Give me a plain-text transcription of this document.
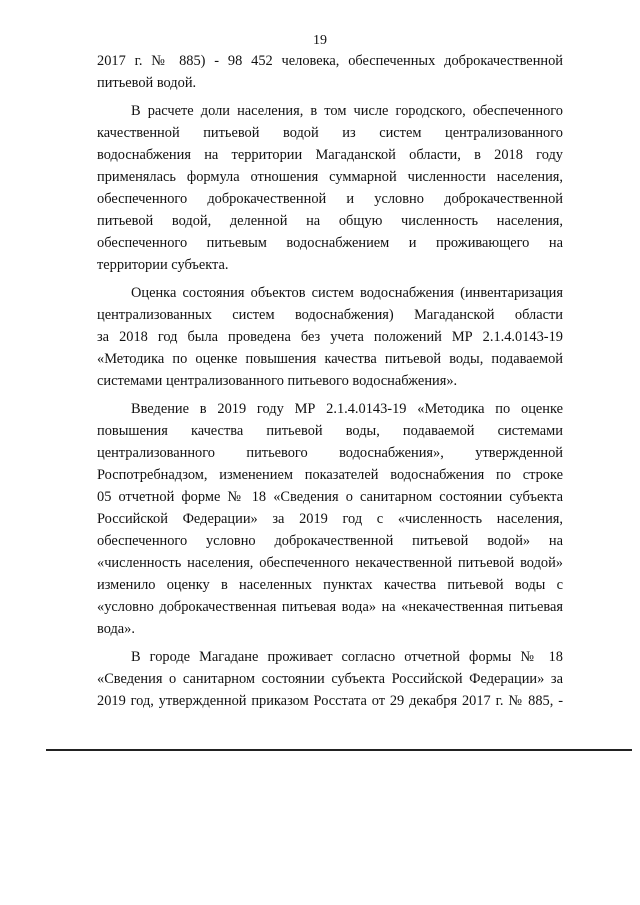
19

2017 г. № 885) - 98 452 человека, обеспеченных доброкачественной
питьевой водой.

В расчете доли населения, в том числе городского, обеспеченного
качественной питьевой водой из систем централизованного
водоснабжения на территории Магаданской области, в 2018 году
применялась формула отношения суммарной численности населения,
обеспеченного доброкачественной и условно доброкачественной
питьевой водой, деленной на общую численность населения,
обеспеченного питьевым водоснабжением и проживающего на
территории субъекта.

Оценка состояния объектов систем водоснабжения (инвентаризация
централизованных систем водоснабжения) Магаданской области
за 2018 год была проведена без учета положений МР 2.1.4.0143-19
«Методика по оценке повышения качества питьевой воды, подаваемой
системами централизованного питьевого водоснабжения».

Введение в 2019 году МР 2.1.4.0143-19 «Методика по оценке
повышения качества питьевой воды, подаваемой системами
централизованного питьевого водоснабжения», утвержденной
Роспотребнадзом, изменением показателей водоснабжения по строке
05 отчетной форме № 18 «Сведения о санитарном состоянии субъекта
Российской Федерации» за 2019 год с «численность населения,
обеспеченного условно доброкачественной питьевой водой» на
«численность населения, обеспеченного некачественной питьевой водой»
изменило оценку в населенных пунктах качества питьевой воды с
«условно доброкачественная питьевая вода» на «некачественная питьевая
вода».

В городе Магадане проживает согласно отчетной формы № 18
«Сведения о санитарном состоянии субъекта Российской Федерации» за
2019 год, утвержденной приказом Росстата от 29 декабря 2017 г. № 885, -
